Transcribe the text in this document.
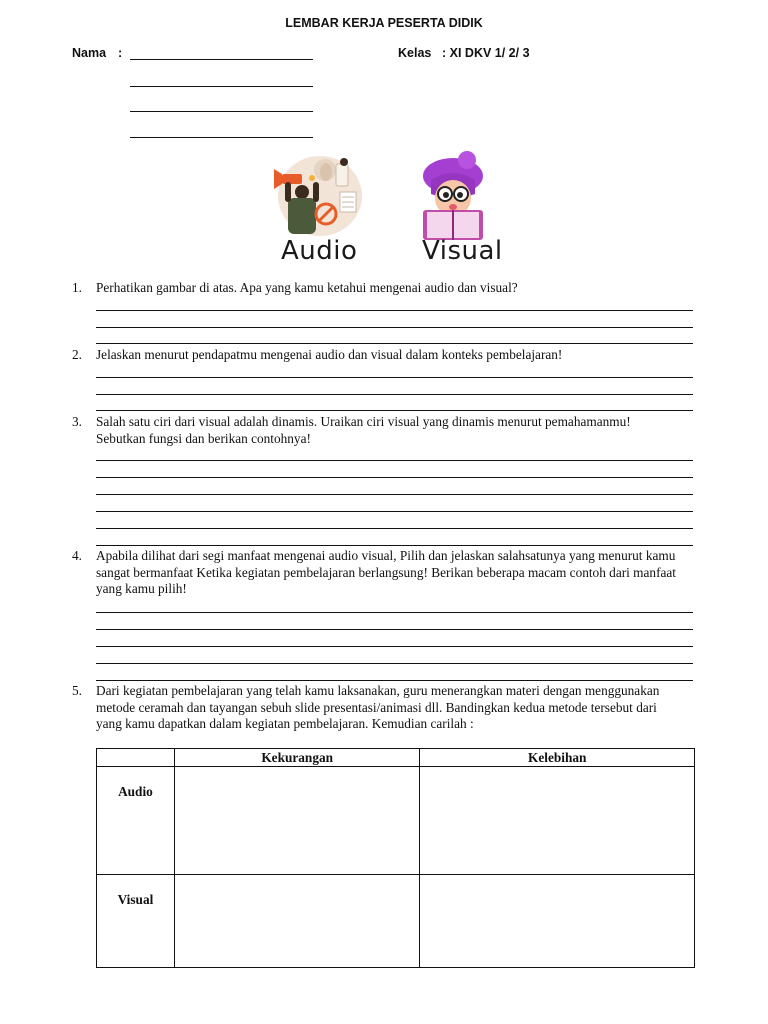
LEMBAR KERJA PESERTA DIDIK
Nama :	Kelas : XI DKV 1/ 2/ 3
Audio Visual
1. Perhatikan gambar di atas. Apa yang kamu ketahui mengenai audio dan visual?
2. Jelaskan menurut pendapatmu mengenai audio dan visual dalam konteks pembelajaran!
3. Salah satu ciri dari visual adalah dinamis. Uraikan ciri visual yang dinamis menurut pemahamanmu! Sebutkan fungsi dan berikan contohnya!
4. Apabila dilihat dari segi manfaat mengenai audio visual, Pilih dan jelaskan salahsatunya yang menurut kamu sangat bermanfaat Ketika kegiatan pembelajaran berlangsung! Berikan beberapa macam contoh dari manfaat yang kamu pilih!
5. Dari kegiatan pembelajaran yang telah kamu laksanakan, guru menerangkan materi dengan menggunakan metode ceramah dan tayangan sebuh slide presentasi/animasi dll. Bandingkan kedua metode tersebut dari yang kamu dapatkan dalam kegiatan pembelajaran. Kemudian carilah :
	Kekurangan	Kelebihan
Audio		
Visual		
